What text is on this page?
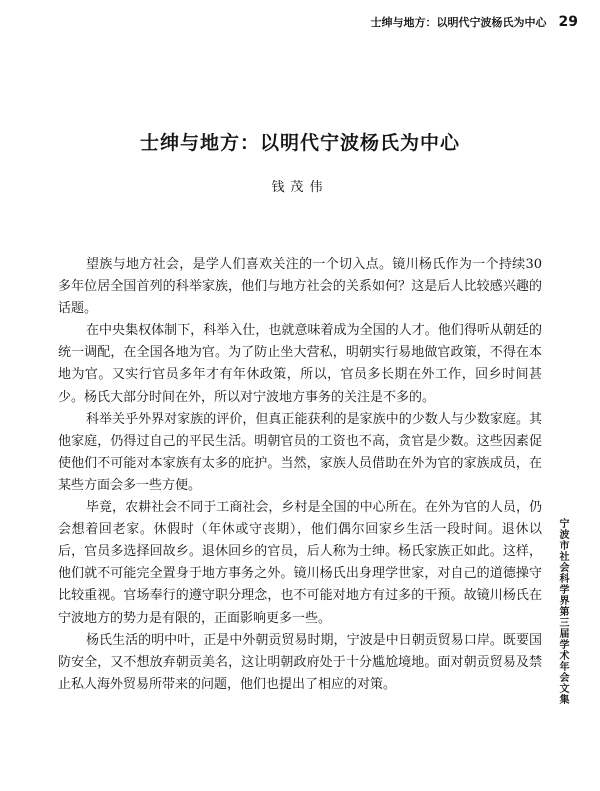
士绅与地方：以明代宁波杨氏为中心 29
士绅与地方：以明代宁波杨氏为中心
钱茂伟

望族与地方社会，是学人们喜欢关注的一个切入点。镜川杨氏作为一个持续30多年位居全国首列的科举家族，他们与地方社会的关系如何？这是后人比较感兴趣的话题。

在中央集权体制下，科举入仕，也就意味着成为全国的人才。他们得听从朝廷的统一调配，在全国各地为官。为了防止坐大营私，明朝实行易地做官政策，不得在本地为官。又实行官员多年才有年休政策，所以，官员多长期在外工作，回乡时间甚少。杨氏大部分时间在外，所以对宁波地方事务的关注是不多的。

科举关乎外界对家族的评价，但真正能获利的是家族中的少数人与少数家庭。其他家庭，仍得过自己的平民生活。明朝官员的工资也不高，贪官是少数。这些因素促使他们不可能对本家族有太多的庇护。当然，家族人员借助在外为官的家族成员，在某些方面会多一些方便。

毕竟，农耕社会不同于工商社会，乡村是全国的中心所在。在外为官的人员，仍会想着回老家。休假时（年休或守丧期），他们偶尔回家乡生活一段时间。退休以后，官员多选择回故乡。退休回乡的官员，后人称为士绅。杨氏家族正如此。这样，他们就不可能完全置身于地方事务之外。镜川杨氏出身理学世家，对自己的道德操守比较重视。官场奉行的遵守职分理念，也不可能对地方有过多的干预。故镜川杨氏在宁波地方的势力是有限的，正面影响更多一些。

杨氏生活的明中叶，正是中外朝贡贸易时期，宁波是中日朝贡贸易口岸。既要国防安全，又不想放弃朝贡美名，这让明朝政府处于十分尴尬境地。面对朝贡贸易及禁止私人海外贸易所带来的问题，他们也提出了相应的对策。	宁波市社会科学界第三届学术年会文集
